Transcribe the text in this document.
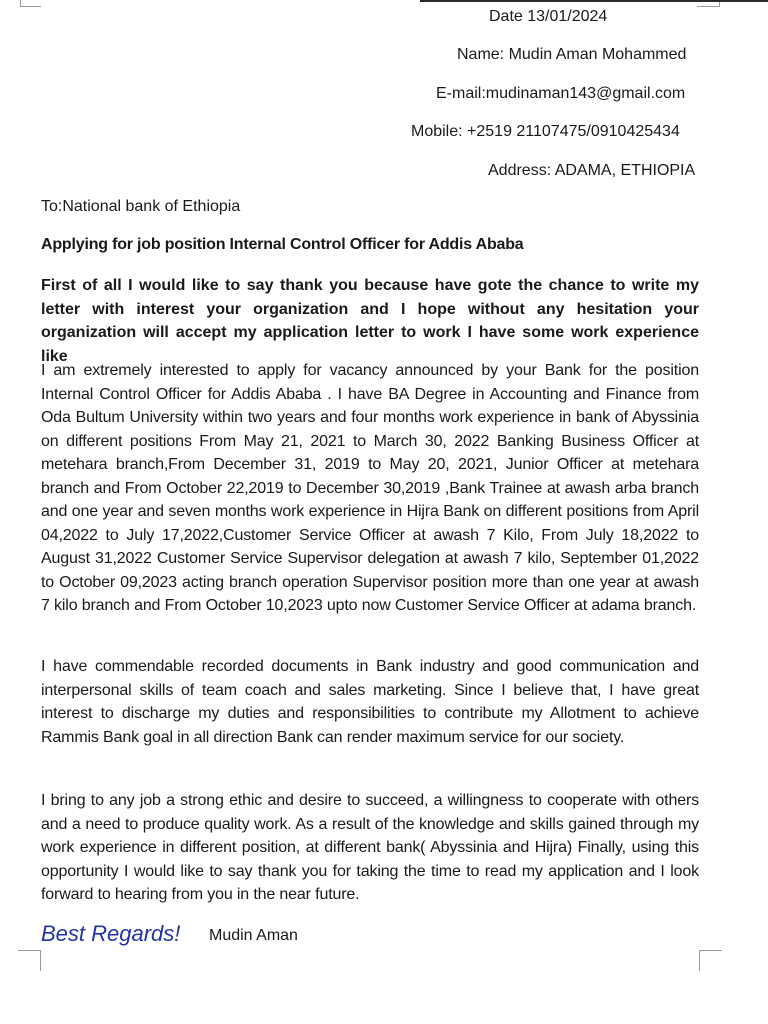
Date 13/01/2024
Name: Mudin Aman Mohammed
E-mail:mudinaman143@gmail.com
Mobile: +2519 21107475/0910425434
Address: ADAMA, ETHIOPIA
To:National bank of Ethiopia
Applying for job position Internal Control Officer for Addis Ababa

First of all I would like to say thank you because have gote the chance to write my letter with interest your organization and I hope without any hesitation your organization will accept my application letter to work I have some work experience like

I am extremely interested to apply for vacancy announced by your Bank for the position Internal Control Officer for Addis Ababa . I have BA Degree in Accounting and Finance from Oda Bultum University within two years and four months work experience in bank of Abyssinia on different positions From May 21, 2021 to March 30, 2022 Banking Business Officer at metehara branch,From December 31, 2019 to May 20, 2021, Junior Officer at metehara branch and From October 22,2019 to December 30,2019 ,Bank Trainee at awash arba branch and one year and seven months work experience in Hijra Bank on different positions from April 04,2022 to July 17,2022,Customer Service Officer at awash 7 Kilo, From July 18,2022 to August 31,2022 Customer Service Supervisor delegation at awash 7 kilo, September 01,2022 to October 09,2023 acting branch operation Supervisor position more than one year at awash 7 kilo branch and From October 10,2023 upto now Customer Service Officer at adama branch.

I have commendable recorded documents in Bank industry and good communication and interpersonal skills of team coach and sales marketing. Since I believe that, I have great interest to discharge my duties and responsibilities to contribute my Allotment to achieve Rammis Bank goal in all direction Bank can render maximum service for our society.

I bring to any job a strong ethic and desire to succeed, a willingness to cooperate with others and a need to produce quality work. As a result of the knowledge and skills gained through my work experience in different position, at different bank( Abyssinia and Hijra) Finally, using this opportunity I would like to say thank you for taking the time to read my application and I look forward to hearing from you in the near future.

Best Regards! Mudin Aman
